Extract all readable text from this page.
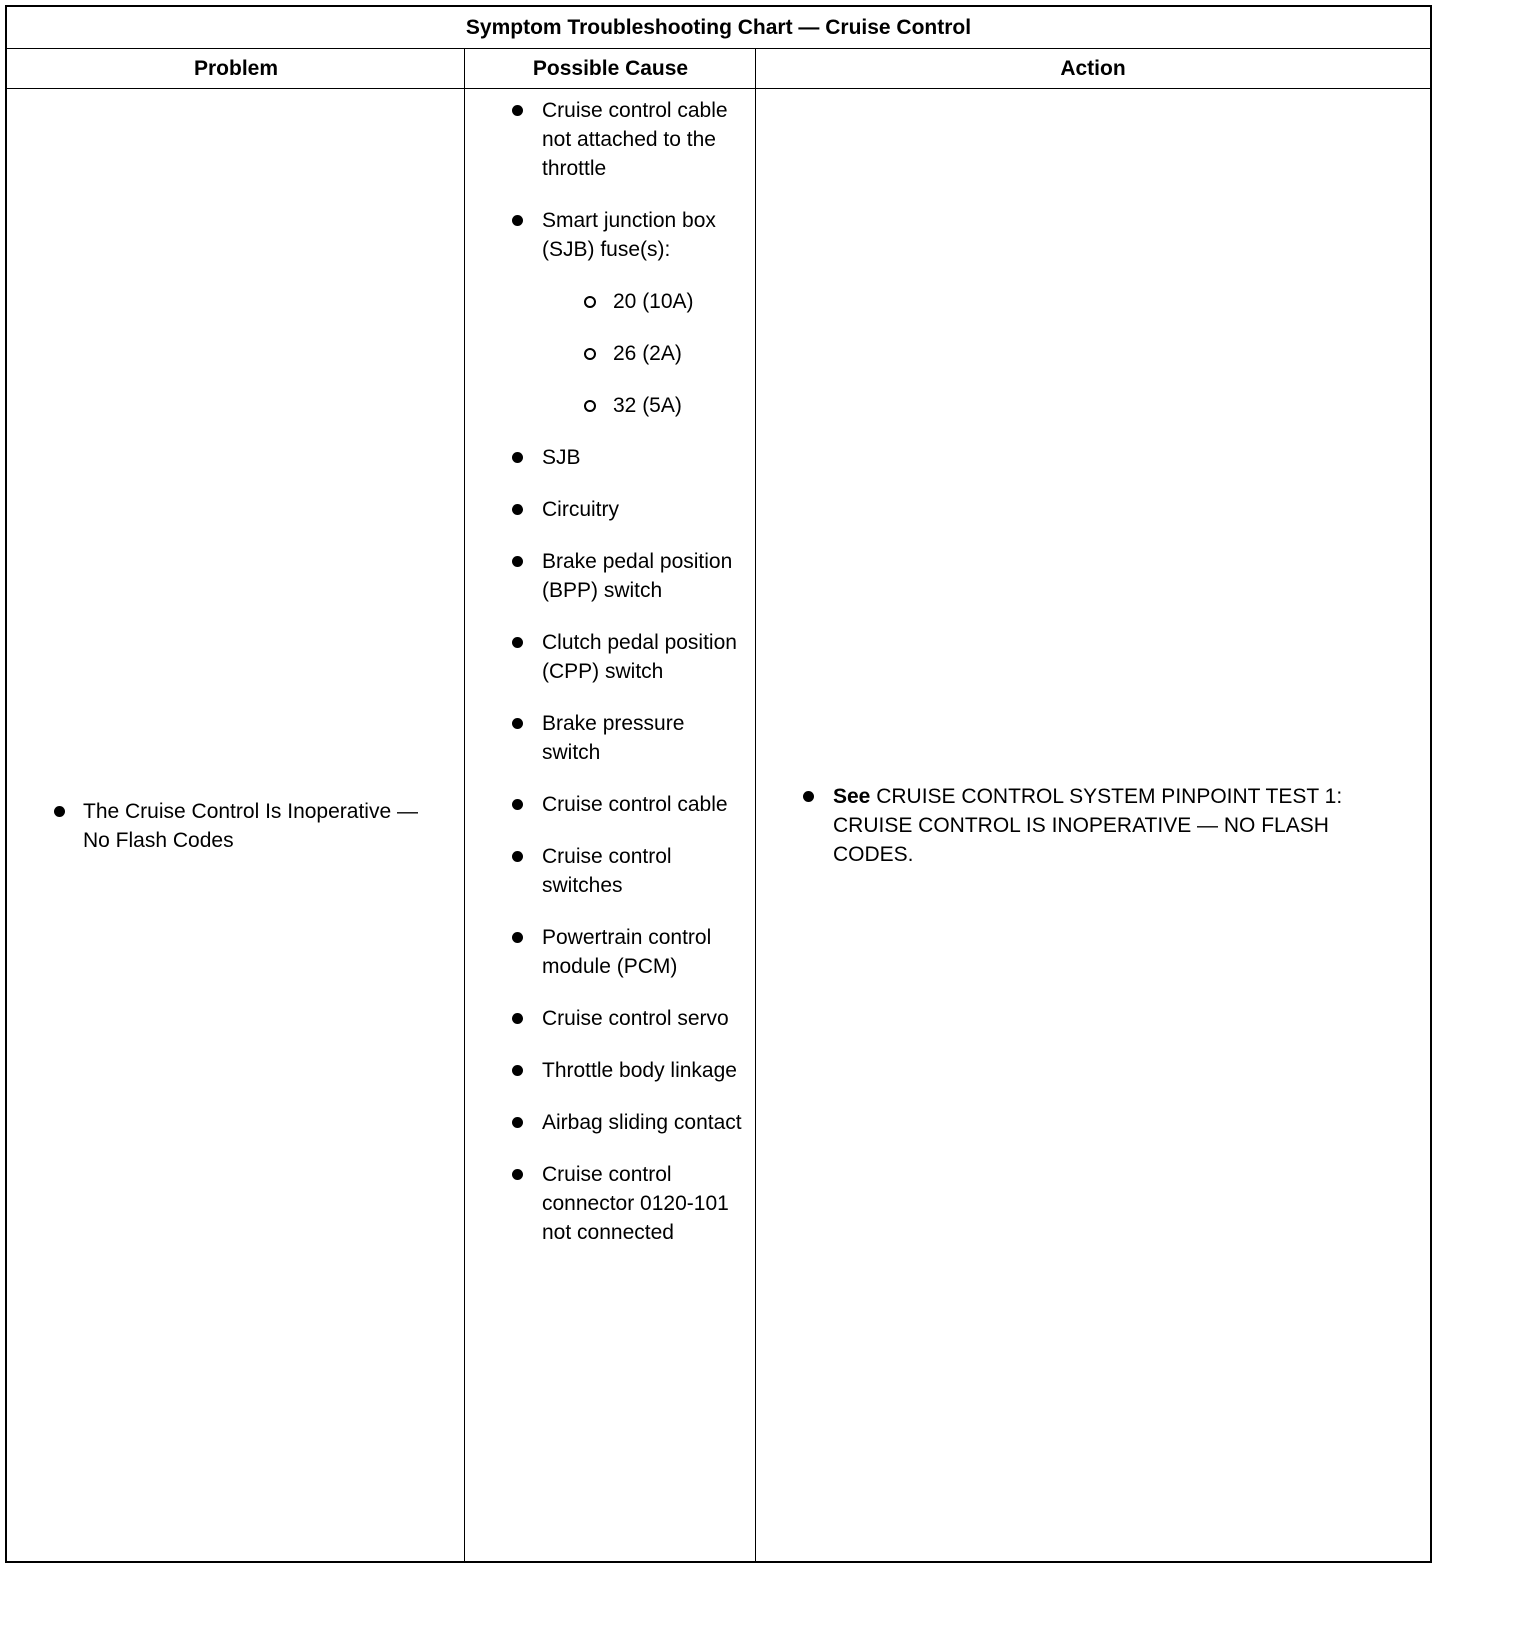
Symptom Troubleshooting Chart — Cruise Control
Problem	Possible Cause	Action
The Cruise Control Is Inoperative — No Flash Codes
Cruise control cable not attached to the throttle
Smart junction box (SJB) fuse(s):
20 (10A)
26 (2A)
32 (5A)
SJB
Circuitry
Brake pedal position (BPP) switch
Clutch pedal position (CPP) switch
Brake pressure switch
Cruise control cable
Cruise control switches
Powertrain control module (PCM)
Cruise control servo
Throttle body linkage
Airbag sliding contact
Cruise control connector 0120-101 not connected
See CRUISE CONTROL SYSTEM PINPOINT TEST 1: CRUISE CONTROL IS INOPERATIVE — NO FLASH CODES.
